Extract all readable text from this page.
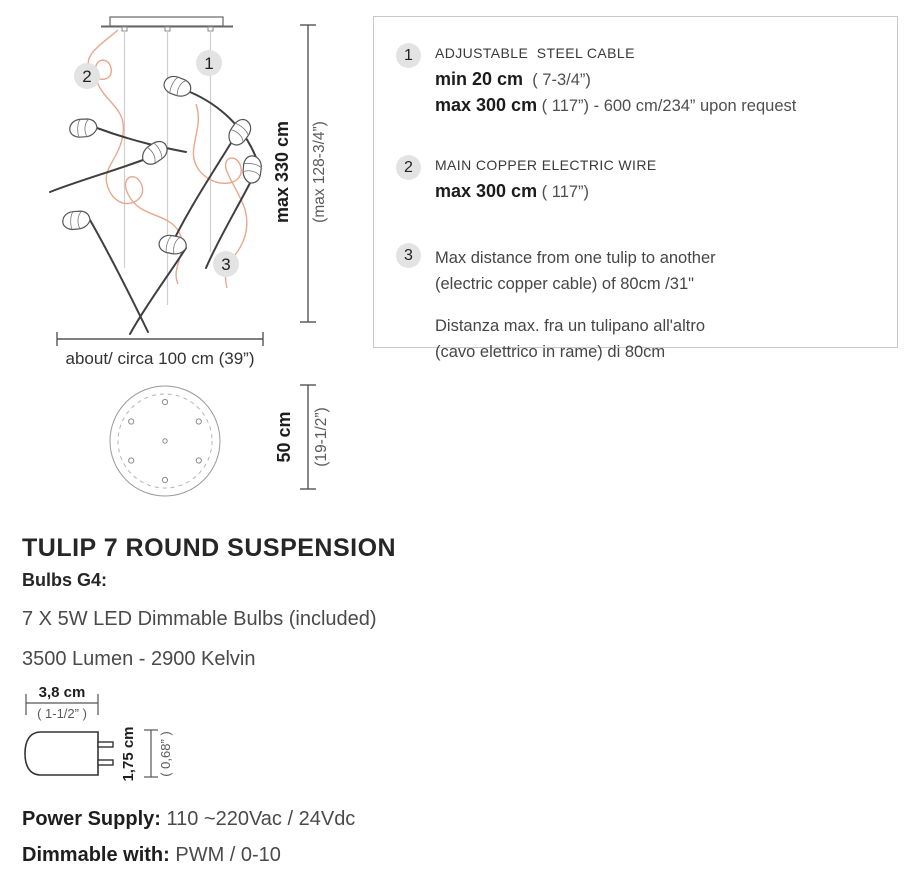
1
2
3
max 330 cm (max 128-3/4”)
about/ circa 100 cm (39”)
50 cm (19-1/2”)
1	ADJUSTABLE  STEEL CABLE
min 20 cm  ( 7-3/4”)
max 300 cm ( 117”) - 600 cm/234” upon request
2	MAIN COPPER ELECTRIC WIRE
max 300 cm ( 117”)
3	Max distance from one tulip to another

(electric copper cable) of 80cm /31"

Distanza max. fra un tulipano all'altro

(cavo elettrico in rame) di 80cm

TULIP 7 ROUND SUSPENSION
Bulbs G4:
7 X 5W LED Dimmable Bulbs (included)
3500 Lumen - 2900 Kelvin
3,8 cm
( 1-1/2” )
1,75 cm ( 0,68” )
Power Supply: 110 ~220Vac / 24Vdc
Dimmable with: PWM / 0-10
